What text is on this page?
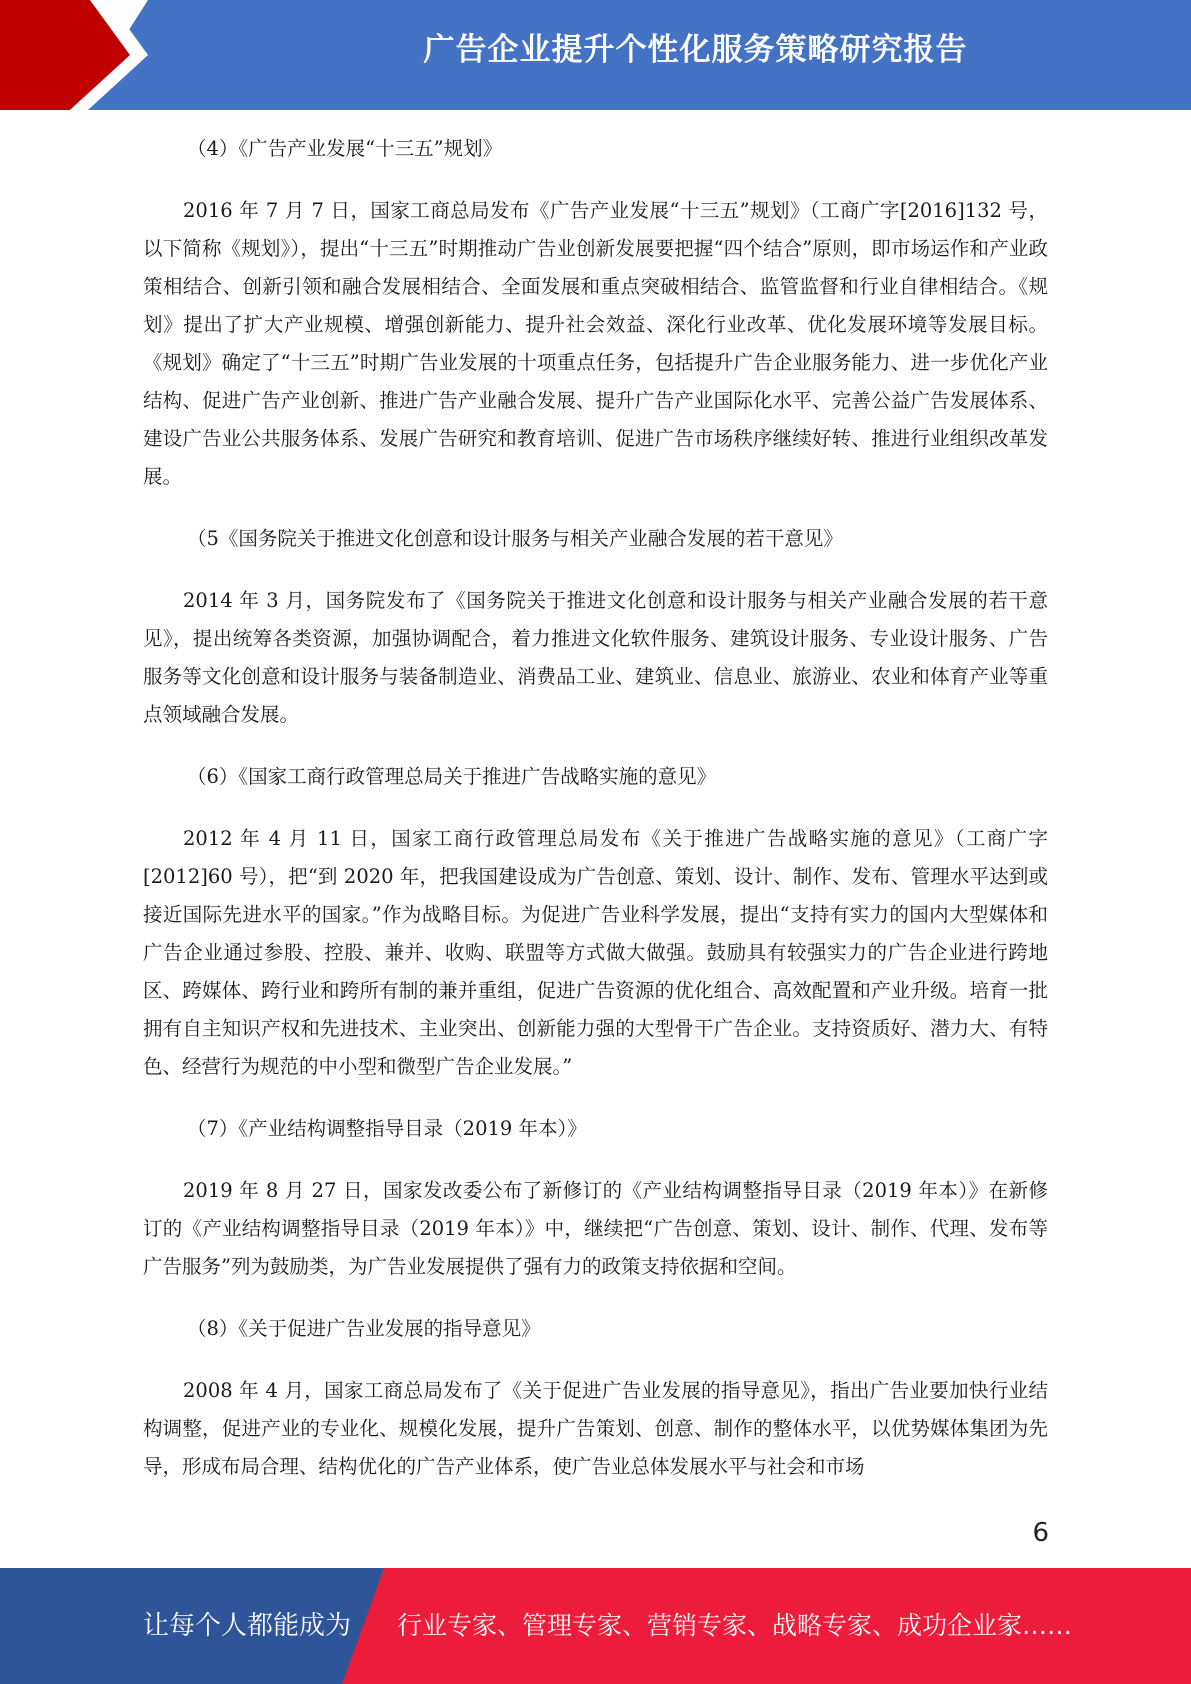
广告企业提升个性化服务策略研究报告
（4）《广告产业发展“十三五”规划》
2016 年 7 月 7 日，国家工商总局发布《广告产业发展“十三五”规划》（工商广字[2016]132 号，以下简称《规划》），提出“十三五”时期推动广告业创新发展要把握“四个结合”原则，即市场运作和产业政策相结合、创新引领和融合发展相结合、全面发展和重点突破相结合、监管监督和行业自律相结合。《规划》提出了扩大产业规模、增强创新能力、提升社会效益、深化行业改革、优化发展环境等发展目标。《规划》确定了“十三五”时期广告业发展的十项重点任务，包括提升广告企业服务能力、进一步优化产业结构、促进广告产业创新、推进广告产业融合发展、提升广告产业国际化水平、完善公益广告发展体系、建设广告业公共服务体系、发展广告研究和教育培训、促进广告市场秩序继续好转、推进行业组织改革发展。
（5《国务院关于推进文化创意和设计服务与相关产业融合发展的若干意见》
2014 年 3 月，国务院发布了《国务院关于推进文化创意和设计服务与相关产业融合发展的若干意见》，提出统筹各类资源，加强协调配合，着力推进文化软件服务、建筑设计服务、专业设计服务、广告服务等文化创意和设计服务与装备制造业、消费品工业、建筑业、信息业、旅游业、农业和体育产业等重点领域融合发展。
（6）《国家工商行政管理总局关于推进广告战略实施的意见》
2012 年 4 月 11 日，国家工商行政管理总局发布《关于推进广告战略实施的意见》（工商广字[2012]60 号），把“到 2020 年，把我国建设成为广告创意、策划、设计、制作、发布、管理水平达到或接近国际先进水平的国家。”作为战略目标。为促进广告业科学发展，提出“支持有实力的国内大型媒体和广告企业通过参股、控股、兼并、收购、联盟等方式做大做强。鼓励具有较强实力的广告企业进行跨地区、跨媒体、跨行业和跨所有制的兼并重组，促进广告资源的优化组合、高效配置和产业升级。培育一批拥有自主知识产权和先进技术、主业突出、创新能力强的大型骨干广告企业。支持资质好、潜力大、有特色、经营行为规范的中小型和微型广告企业发展。”
（7）《产业结构调整指导目录（2019 年本）》
2019 年 8 月 27 日，国家发改委公布了新修订的《产业结构调整指导目录（2019 年本）》在新修订的《产业结构调整指导目录（2019 年本）》中，继续把“广告创意、策划、设计、制作、代理、发布等广告服务”列为鼓励类，为广告业发展提供了强有力的政策支持依据和空间。
（8）《关于促进广告业发展的指导意见》
2008 年 4 月，国家工商总局发布了《关于促进广告业发展的指导意见》，指出广告业要加快行业结构调整，促进产业的专业化、规模化发展，提升广告策划、创意、制作的整体水平，以优势媒体集团为先导，形成布局合理、结构优化的广告产业体系，使广告业总体发展水平与社会和市场
6
让每个人都能成为 行业专家、管理专家、营销专家、战略专家、成功企业家……
